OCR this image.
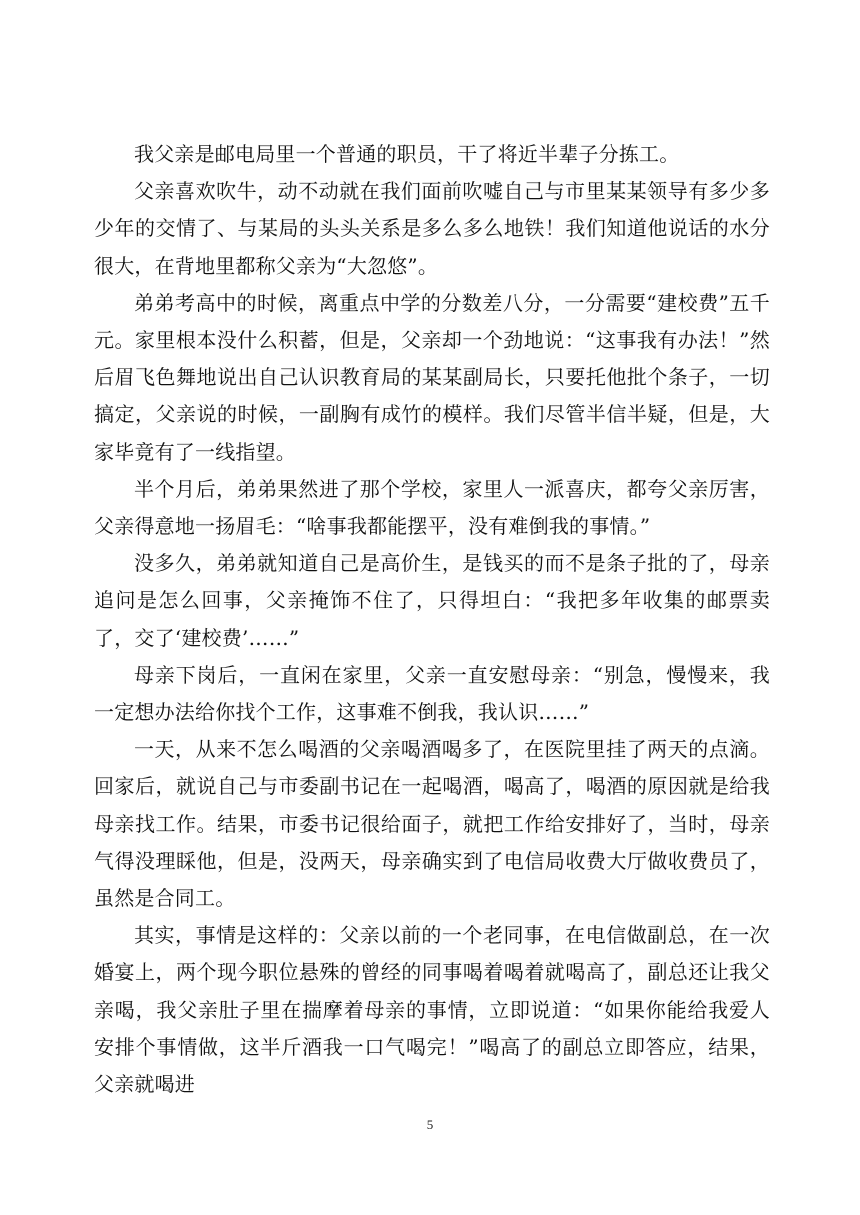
我父亲是邮电局里一个普通的职员，干了将近半辈子分拣工。

父亲喜欢吹牛，动不动就在我们面前吹嘘自己与市里某某领导有多少多少年的交情了、与某局的头头关系是多么多么地铁！我们知道他说话的水分很大，在背地里都称父亲为“大忽悠”。

弟弟考高中的时候，离重点中学的分数差八分，一分需要“建校费”五千元。家里根本没什么积蓄，但是，父亲却一个劲地说：“这事我有办法！”然后眉飞色舞地说出自己认识教育局的某某副局长，只要托他批个条子，一切搞定，父亲说的时候，一副胸有成竹的模样。我们尽管半信半疑，但是，大家毕竟有了一线指望。

半个月后，弟弟果然进了那个学校，家里人一派喜庆，都夸父亲厉害，父亲得意地一扬眉毛：“啥事我都能摆平，没有难倒我的事情。”

没多久，弟弟就知道自己是高价生，是钱买的而不是条子批的了，母亲追问是怎么回事，父亲掩饰不住了，只得坦白：“我把多年收集的邮票卖了，交了‘建校费’……”

母亲下岗后，一直闲在家里，父亲一直安慰母亲：“别急，慢慢来，我一定想办法给你找个工作，这事难不倒我，我认识……”

一天，从来不怎么喝酒的父亲喝酒喝多了，在医院里挂了两天的点滴。回家后，就说自己与市委副书记在一起喝酒，喝高了，喝酒的原因就是给我母亲找工作。结果，市委书记很给面子，就把工作给安排好了，当时，母亲气得没理睬他，但是，没两天，母亲确实到了电信局收费大厅做收费员了，虽然是合同工。

其实，事情是这样的：父亲以前的一个老同事，在电信做副总，在一次婚宴上，两个现今职位悬殊的曾经的同事喝着喝着就喝高了，副总还让我父亲喝，我父亲肚子里在揣摩着母亲的事情，立即说道：“如果你能给我爱人安排个事情做，这半斤酒我一口气喝完！”喝高了的副总立即答应，结果，父亲就喝进

5
